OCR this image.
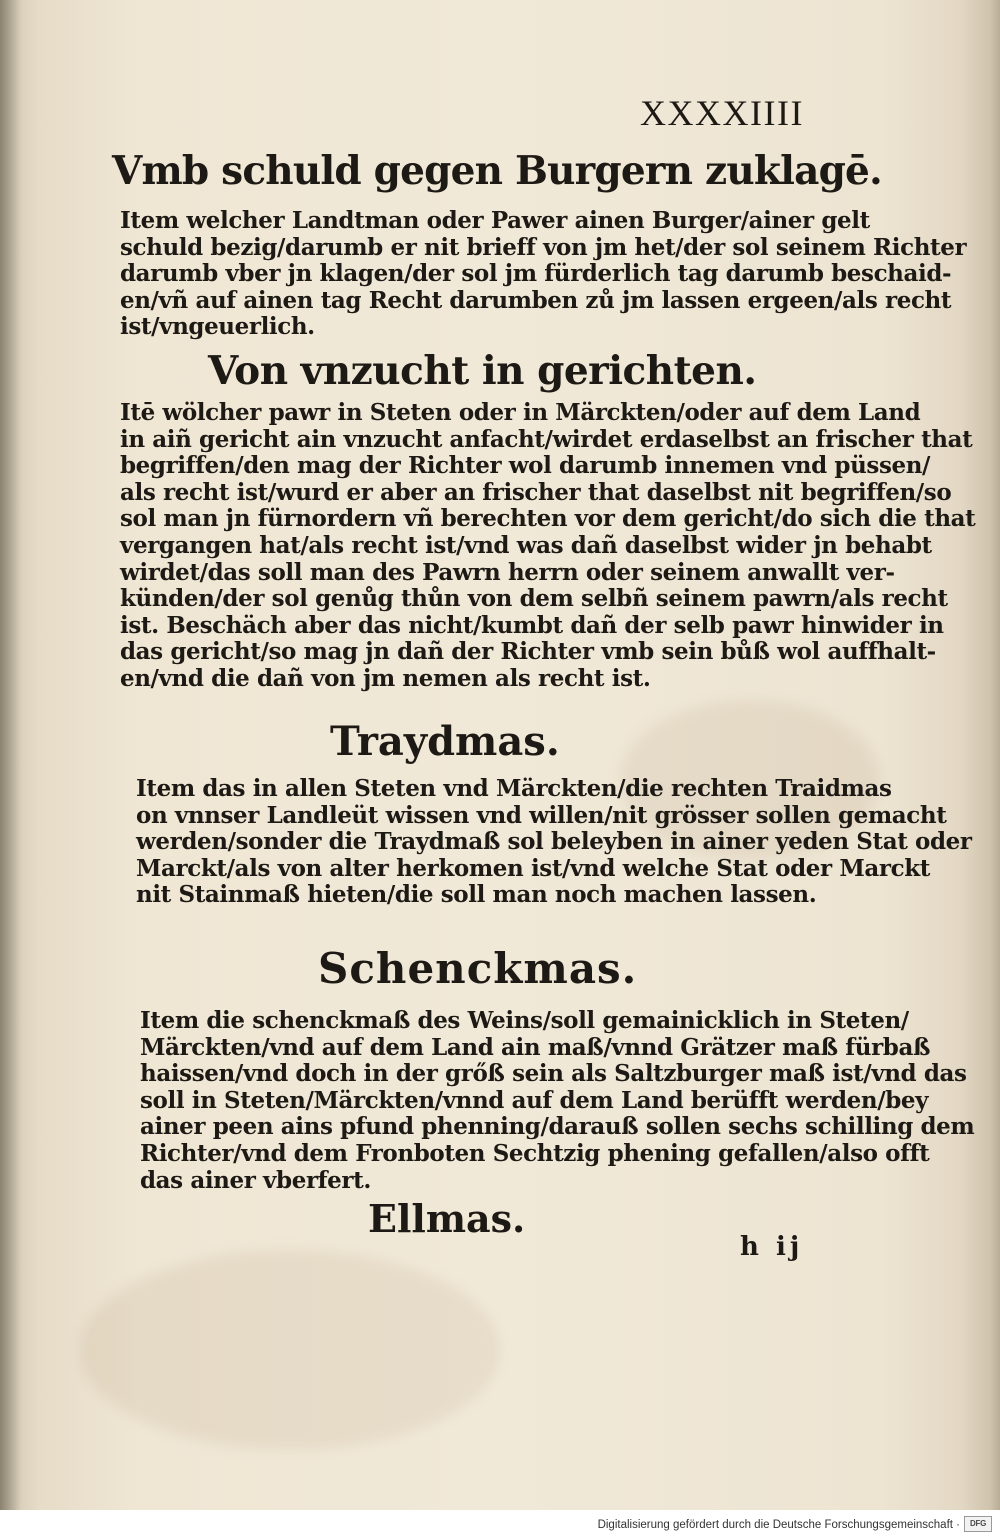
XXXXIIII
Vmb schuld gegen Burgern zuklagē.
Item welcher Landtman oder Pawer ainen Burger/ainer gelt
schuld bezig/darumb er nit brieff von jm het/der sol seinem Richter
darumb vber jn klagen/der sol jm fürderlich tag darumb beschaid-
en/vñ auf ainen tag Recht darumben zů jm lassen ergeen/als recht
ist/vngeuerlich.
Von vnzucht in gerichten.
Itē wölcher pawr in Steten oder in Märckten/oder auf dem Land
in aiñ gericht ain vnzucht anfacht/wirdet erdaselbst an frischer that
begriffen/den mag der Richter wol darumb innemen vnd püssen/
als recht ist/wurd er aber an frischer that daselbst nit begriffen/so
sol man jn fürnordern vñ berechten vor dem gericht/do sich die that
vergangen hat/als recht ist/vnd was dañ daselbst wider jn behabt
wirdet/das soll man des Pawrn herrn oder seinem anwallt ver-
künden/der sol genůg thůn von dem selbñ seinem pawrn/als recht
ist. Beschäch aber das nicht/kumbt dañ der selb pawr hinwider in
das gericht/so mag jn dañ der Richter vmb sein bůß wol auffhalt-
en/vnd die dañ von jm nemen als recht ist.
Traydmas.
Item das in allen Steten vnd Märckten/die rechten Traidmas
on vnnser Landleüt wissen vnd willen/nit grösser sollen gemacht
werden/sonder die Traydmaß sol beleyben in ainer yeden Stat oder
Marckt/als von alter herkomen ist/vnd welche Stat oder Marckt
nit Stainmaß hieten/die soll man noch machen lassen.
Schenckmas.
Item die schenckmaß des Weins/soll gemainicklich in Steten/
Märckten/vnd auf dem Land ain maß/vnnd Grätzer maß fürbaß
haissen/vnd doch in der grőß sein als Saltzburger maß ist/vnd das
soll in Steten/Märckten/vnnd auf dem Land berüfft werden/bey
ainer peen ains pfund phenning/darauß sollen sechs schilling dem
Richter/vnd dem Fronboten Sechtzig phening gefallen/also offt
das ainer vberfert.
Ellmas.
h ij
Digitalisierung gefördert durch die Deutsche Forschungsgemeinschaft ·	DFG
